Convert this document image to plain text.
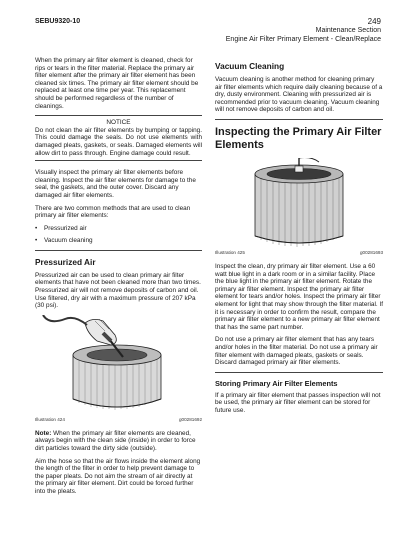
SEBU9320-10	249
Maintenance Section
Engine Air Filter Primary Element - Clean/Replace

When the primary air filter element is cleaned, check for rips or tears in the filter material. Replace the primary air filter element after the primary air filter element has been cleaned six times. The primary air filter element should be replaced at least one time per year. This replacement should be performed regardless of the number of cleanings.

NOTICE
Do not clean the air filter elements by bumping or tapping. This could damage the seals. Do not use elements with damaged pleats, gaskets, or seals. Damaged elements will allow dirt to pass through. Engine damage could result.

Visually inspect the primary air filter elements before cleaning. Inspect the air filter elements for damage to the seal, the gaskets, and the outer cover. Discard any damaged air filter elements.

There are two common methods that are used to clean primary air filter elements:

• Pressurized air
• Vacuum cleaning
Pressurized Air

Pressurized air can be used to clean primary air filter elements that have not been cleaned more than two times. Pressurized air will not remove deposits of carbon and oil. Use filtered, dry air with a maximum pressure of 207 kPa (30 psi).

Illustration 424	g00281692

Note: When the primary air filter elements are cleaned, always begin with the clean side (inside) in order to force dirt particles toward the dirty side (outside).

Aim the hose so that the air flows inside the element along the length of the filter in order to help prevent damage to the paper pleats. Do not aim the stream of air directly at the primary air filter element. Dirt could be forced further into the pleats.

Vacuum Cleaning

Vacuum cleaning is another method for cleaning primary air filter elements which require daily cleaning because of a dry, dusty environment. Cleaning with pressurized air is recommended prior to vacuum cleaning. Vacuum cleaning will not remove deposits of carbon and oil.

Inspecting the Primary Air Filter Elements
Illustration 425	g00281693

Inspect the clean, dry primary air filter element. Use a 60 watt blue light in a dark room or in a similar facility. Place the blue light in the primary air filter element. Rotate the primary air filter element. Inspect the primary air filter element for tears and/or holes. Inspect the primary air filter element for light that may show through the filter material. If it is necessary in order to confirm the result, compare the primary air filter element to a new primary air filter element that has the same part number.

Do not use a primary air filter element that has any tears and/or holes in the filter material. Do not use a primary air filter element with damaged pleats, gaskets or seals. Discard damaged primary air filter elements.

Storing Primary Air Filter Elements

If a primary air filter element that passes inspection will not be used, the primary air filter element can be stored for future use.
